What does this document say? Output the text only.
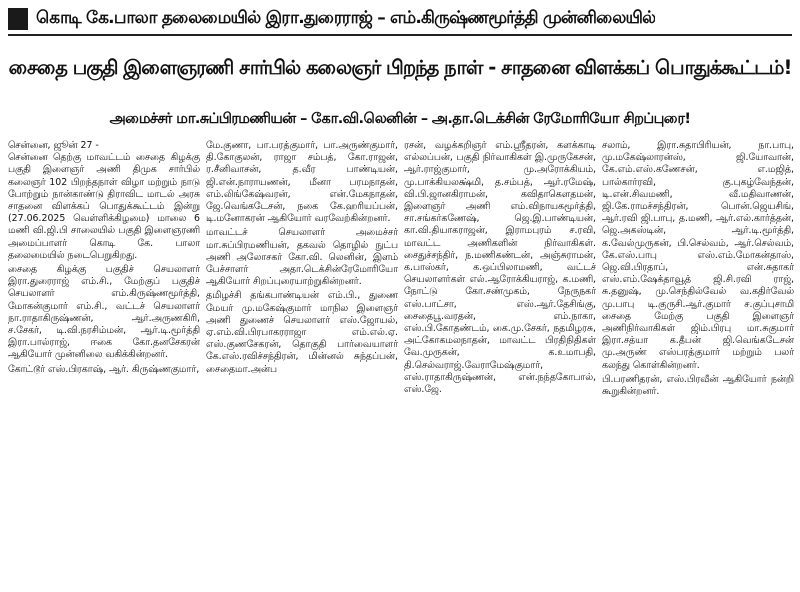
கொடி கே.பாலா தலைமையில் இரா.துரைராஜ் – எம்.கிருஷ்ணமூர்த்தி முன்னிலையில்
சைதை பகுதி இளைஞரணி சார்பில் கலைஞர் பிறந்த நாள் - சாதனை விளக்கப் பொதுக்கூட்டம்!
அமைச்சர் மா.சுப்பிரமணியன் – கோ.வி.லெனின் – அ.தா.டெக்சின் ரேமோரியோ சிறப்புரை!

சென்னை, ஜூன் 27 -
சென்னை தெற்கு மாவட்டம் சைதை கிழக்கு பகுதி இளைஞர் அணி திமுக சார்பில் கலைஞர் 102 பிறந்தநாள் விழா மற்றும் நாடு போற்றும் நான்காண்டு திராவிட மாடல் அரசு சாதனை விளக்கப் பொதுக்கூட்டம் இன்று (27.06.2025 வெள்ளிக்கிழமை) மாலை 6 மணி வி.ஜி.பி சாலையில் பகுதி இளைஞரணி அமைப்பாளர் கொடி கே. பாலா தலைமையில் நடைபெறுகிறது.

சைதை கிழக்கு பகுதிச் செயலாளர் இரா.துரைராஜ் எம்.சி., மேற்குப் பகுதிச் செயலாளர் எம்.கிருஷ்ணமூர்த்தி, மோகன்குமார் எம்.சி., வட்டச் செயலாளர் நா.ராதாகிருஷ்ணன், ஆர்.அருணகிரி, ச.சேகர், டி.வி.நரசிம்மன், ஆர்.டி.மூர்த்தி இரா.பால்ராஜ், ஈகை கோ.தனசேகரன் ஆகியோர் முன்னிலை வகிக்கின்றனர்.

கோட்டூர் எஸ்.பிரகாஷ், ஆர். கிருஷ்ணகுமார்,

மே.குணா, பா.பரத்குமார், பா.அருண்குமார், தி.கோகுலன், ராஜா சம்பத், கோ.ராஜன், ர.சீனிவாசன், த.வீர பாண்டியன், ஜி.என்.நாராயணன், மீனா பரமநாதன், எம்.லிங்கேஷ்வரன், என்.மேகநாதன், ஜே.வெங்கடேசன், நகை கே.ஹரியப்பன், டி.மனோகரன் ஆகியோர் வரவேற்கின்றனர்.

மாவட்டச் செயலாளர் அமைச்சர் மா.சுப்பிரமணியன், தகவல் தொழில் நுட்ப அணி அலோசகர் கோ.வி. லெனின், இளம் பேச்சாளர் அதா.டெக்சின்ரேமோரியோ ஆகியோர் சிறப்புரையாற்றுகின்றனர்.

தமிழச்சி தங்கபாண்டியன் எம்.பி., துணை மேயர் மு.மகேஷ்குமார் மாநில இளைஞர் அணி துணைச் செயலாளர் எஸ்.ஜோயல், ஏ.எம்.வி.பிரபாகரராஜா எம்.எல்.ஏ. எஸ்.குணசேகரன், தொகுதி பார்வையாளர் கே.எஸ்.ரவிச்சந்திரன், மின்னல் சுந்தப்பன், சைதைமா.அன்ப

ரசன், வழக்கறிஞர் எம்.ஸ்ரீதரன், களக்காடி எல்லப்பன், பகுதி நிர்வாகிகள் இ.முருகேசன், ஆர்.ராஜ்குமார், மு.அரோக்கியம், மு.பாக்கியலக்ஷ்மி, த.சம்பத், ஆர்.ரமேஷ், வி.பி.ஜானகிராமன், கவிதாகௌதமன், இளைஞர் அணி எம்.விநாயகமூர்த்தி, சா.சங்கர்கணேஷ், ஜெ.இ.பாண்டியன், கா.வி.தியாகராஜன், இராமபுரம் ச.ரவி, மாவட்ட அணிகளின் நிர்வாகிகள். சைதுச்சந்திர், ந.மணிகண்டன், அஞ்சுராமன், க.பாஸ்கர், க.ஒப்பிலாமணி, வட்டச் செயலாளர்கள் எல்.ஆரோக்கியராஜ், க.மணி, நோட்டு கோ.சண்முகம், நேருநகர் எஸ்.பாட்சா, எஸ்.ஆர்.தேசிங்கு, சைதைபூ.வரதன், எம்.நாகா, எஸ்.பி.கோதண்டம், கை.மு.சேகர், நதமிழரசு, அட்கோகமலநாதன், மாவட்ட பிரதிநிதிகள் வே.முருகன், க.உமாபதி, தி.செல்வராஜ்.வேராமேஷ்குமார், எஸ்.ராதாகிருஷ்ணன், என்.நந்தகோபால், எஸ்.ஜே.

சலாம், இரா.சுதாபிரியன், நா.பாபு, மு.மகேஷ்லாரன்ஸ், ஜி.யோவான், கே.எம்.எஸ்.கணேசன், எ.மஜித், பால்கார்ரவி, கு.புகழ்வேந்தன், டி.என்.சிவமணி, வீ.மதிவாணன், ஜி.கே.ராமச்சந்திரன், பொன்.ஜெயசிங், ஆர்.ரவி ஜி.பாபு, த.மணி, ஆர்.எல்.கார்த்தன், ஜெ.அகஸ்டின், ஆர்.டி.மூர்த்தி, க.வேல்முருகன், பி.செல்வம், ஆர்.செல்வம், கே.எஸ்.பாபு எஸ்.எம்.மோகன்தாஸ், ஜெ.வி.பிரதாப், என்.சுதாகர் எஸ்.எம்.ஷேக்தாவூத் ஜி.சி.ரவி ராஜ், சு.தனுஷ், மு.செந்தில்வேல் வ.கதிர்வேல் மு.பாபு டி.குருசி.ஆர்.குமார் ச.குப்புசாமி சைதை மேற்கு பகுதி இளைஞர் அணிநிர்வாகிகள் ஜிம்.பிரபு மா.சுகுமார் இரா.சத்யா க.தீபன் ஜி.வெங்கடேசன் மு.அருண் எஸ்பரத்குமார் மற்றும் பலர் கலந்து கொள்கின்றனர்.

பி.பரணிதரன், எஸ்.பிரவீன் ஆகியோர் நன்றி கூறுகின்றனர்.
